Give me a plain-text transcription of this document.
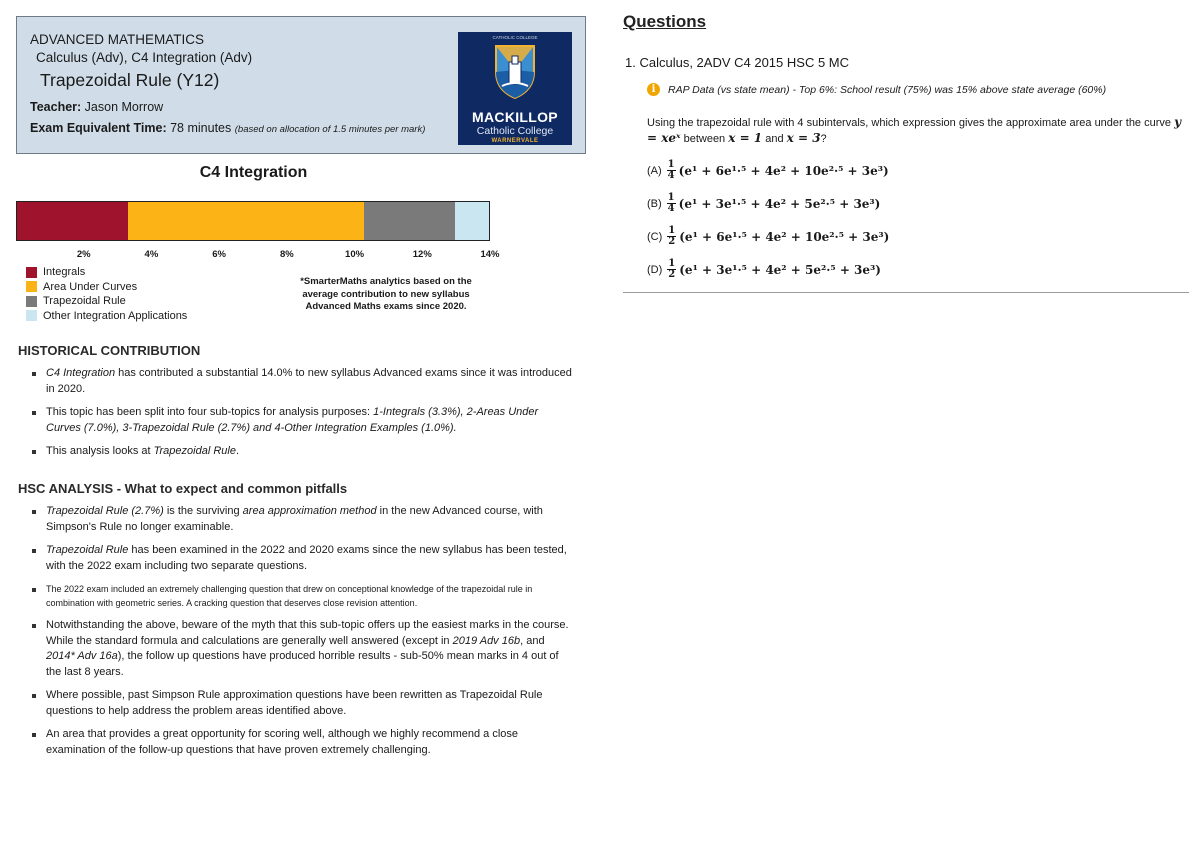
ADVANCED MATHEMATICS
Calculus (Adv), C4 Integration (Adv)
Trapezoidal Rule (Y12)
Teacher: Jason Morrow
Exam Equivalent Time: 78 minutes (based on allocation of 1.5 minutes per mark)
CATHOLIC COLLEGE
MACKILLOP
Catholic College
WARNERVALE
C4 Integration
2%	4%	6%	8%	10%	12%	14%
Integrals
Area Under Curves
Trapezoidal Rule
Other Integration Applications
*SmarterMaths analytics based on the
average contribution to new syllabus
Advanced Maths exams since 2020.
HISTORICAL CONTRIBUTION
C4 Integration has contributed a substantial 14.0% to new syllabus Advanced exams since it was introduced in 2020.
This topic has been split into four sub-topics for analysis purposes: 1-Integrals (3.3%), 2-Areas Under Curves (7.0%), 3-Trapezoidal Rule (2.7%) and 4-Other Integration Examples (1.0%).
This analysis looks at Trapezoidal Rule.
HSC ANALYSIS - What to expect and common pitfalls
Trapezoidal Rule (2.7%) is the surviving area approximation method in the new Advanced course, with Simpson's Rule no longer examinable.
Trapezoidal Rule has been examined in the 2022 and 2020 exams since the new syllabus has been tested, with the 2022 exam including two separate questions.
The 2022 exam included an extremely challenging question that drew on conceptional knowledge of the trapezoidal rule in combination with geometric series. A cracking question that deserves close revision attention.
Notwithstanding the above, beware of the myth that this sub-topic offers up the easiest marks in the course. While the standard formula and calculations are generally well answered (except in 2019 Adv 16b, and 2014* Adv 16a), the follow up questions have produced horrible results - sub-50% mean marks in 4 out of the last 8 years.
Where possible, past Simpson Rule approximation questions have been rewritten as Trapezoidal Rule questions to help address the problem areas identified above.
An area that provides a great opportunity for scoring well, although we highly recommend a close examination of the follow-up questions that have proven extremely challenging.
Questions
1. Calculus, 2ADV C4 2015 HSC 5 MC
i	RAP Data (vs state mean) - Top 6%: School result (75%) was 15% above state average (60%)
Using the trapezoidal rule with 4 subintervals, which expression gives the approximate area under the curve y = xeˣ between x = 1 and x = 3?
$(A) \frac{1}{4} (e^1 + 6e^1\cdot^5 + 4e^2 + 10e^2\cdot^5 + 3e^3)$
$(B) \frac{1}{4} (e^1 + 3e^1\cdot^5 + 4e^2 + 5e^2\cdot^5 + 3e^3)$
$(C) \frac{1}{2} (e^1 + 6e^1\cdot^5 + 4e^2 + 10e^2\cdot^5 + 3e^3)$
$(D) \frac{1}{2} (e^1 + 3e^1\cdot^5 + 4e^2 + 5e^2\cdot^5 + 3e^3)$
